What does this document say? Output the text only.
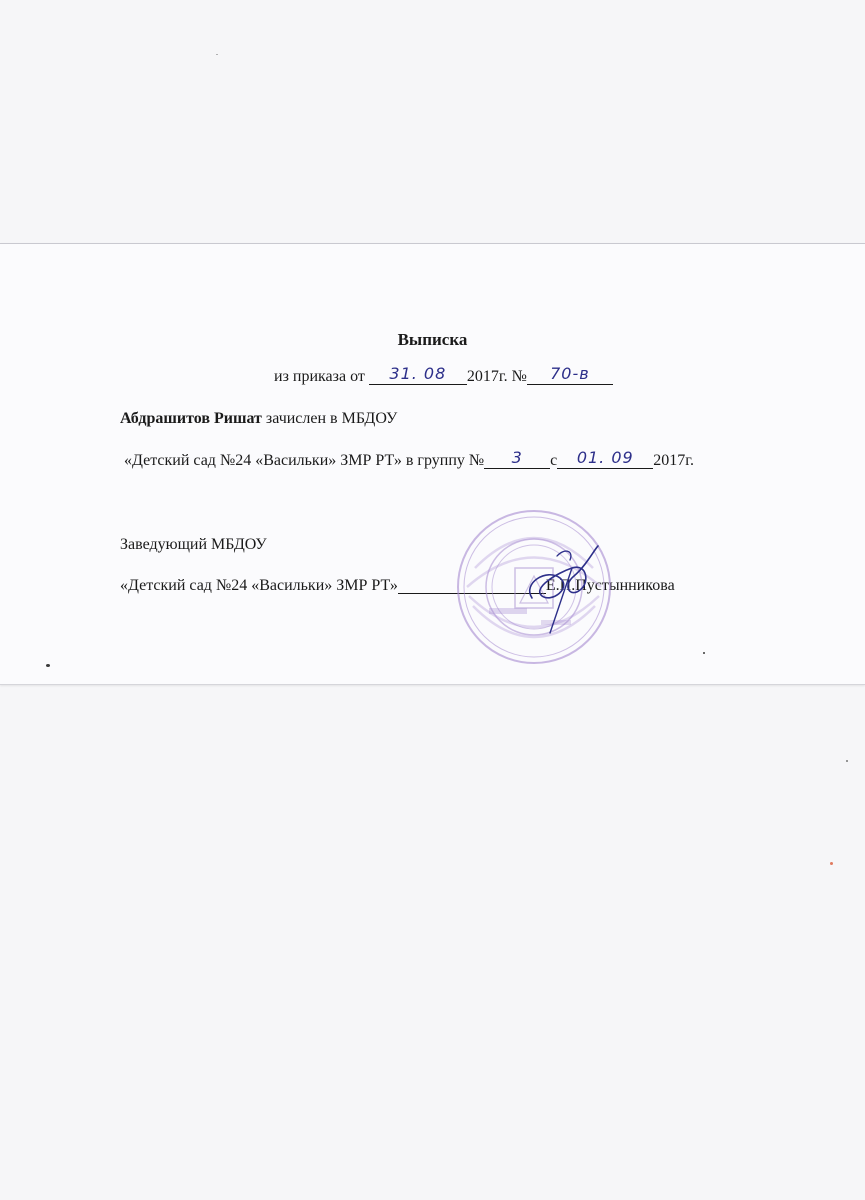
Выписка
из приказа от 31. 08 2017г. № 70-в
Абдрашитов Ришат зачислен в МБДОУ
«Детский сад №24 «Васильки» ЗМР РТ» в группу № 3 с 01. 09 2017г.
Заведующий МБДОУ
«Детский сад №24 «Васильки» ЗМР РТ»	Е.П.Пустынникова
